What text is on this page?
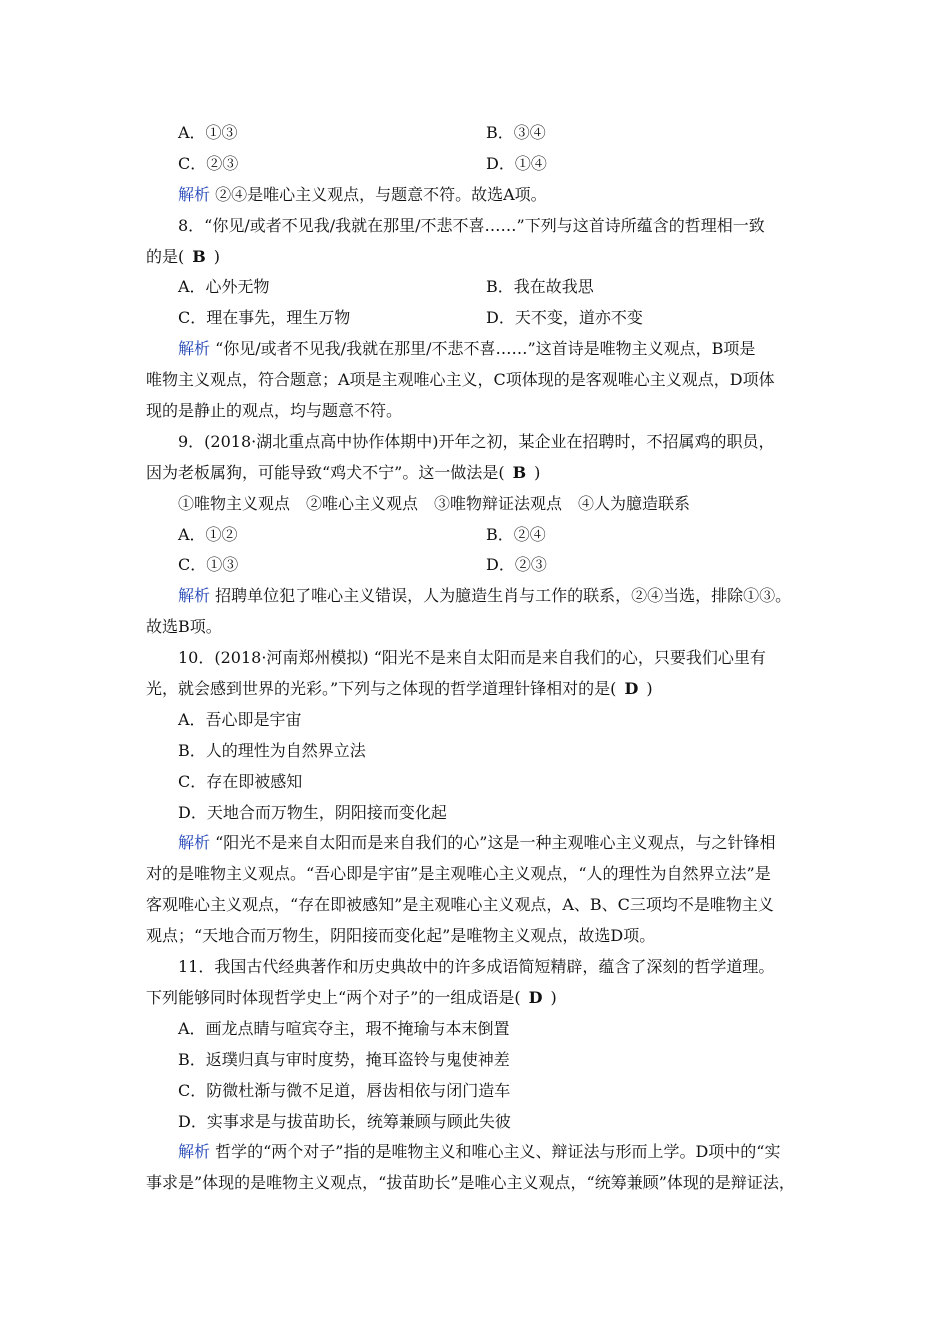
A．①③	B．③④
C．②③	D．①④
解析 ②④是唯心主义观点，与题意不符。故选A项。
8．“你见/或者不见我/我就在那里/不悲不喜……”下列与这首诗所蕴含的哲理相一致
的是( B )
A．心外无物	B．我在故我思
C．理在事先，理生万物	D．天不变，道亦不变
解析 “你见/或者不见我/我就在那里/不悲不喜……”这首诗是唯物主义观点，B项是
唯物主义观点，符合题意；A项是主观唯心主义，C项体现的是客观唯心主义观点，D项体
现的是静止的观点，均与题意不符。
9．(2018·湖北重点高中协作体期中)开年之初，某企业在招聘时，不招属鸡的职员，
因为老板属狗，可能导致“鸡犬不宁”。这一做法是( B )
①唯物主义观点　②唯心主义观点　③唯物辩证法观点　④人为臆造联系
A．①②	B．②④
C．①③	D．②③
解析 招聘单位犯了唯心主义错误，人为臆造生肖与工作的联系，②④当选，排除①③。
故选B项。
10．(2018·河南郑州模拟) “阳光不是来自太阳而是来自我们的心，只要我们心里有
光，就会感到世界的光彩。”下列与之体现的哲学道理针锋相对的是( D )
A．吾心即是宇宙
B．人的理性为自然界立法
C．存在即被感知
D．天地合而万物生，阴阳接而变化起
解析 “阳光不是来自太阳而是来自我们的心”这是一种主观唯心主义观点，与之针锋相
对的是唯物主义观点。“吾心即是宇宙”是主观唯心主义观点，“人的理性为自然界立法”是
客观唯心主义观点，“存在即被感知”是主观唯心主义观点，A、B、C三项均不是唯物主义
观点；“天地合而万物生，阴阳接而变化起”是唯物主义观点，故选D项。
11．我国古代经典著作和历史典故中的许多成语简短精辟，蕴含了深刻的哲学道理。
下列能够同时体现哲学史上“两个对子”的一组成语是( D )
A．画龙点睛与喧宾夺主，瑕不掩瑜与本末倒置
B．返璞归真与审时度势，掩耳盗铃与鬼使神差
C．防微杜渐与微不足道，唇齿相依与闭门造车
D．实事求是与拔苗助长，统筹兼顾与顾此失彼
解析 哲学的“两个对子”指的是唯物主义和唯心主义、辩证法与形而上学。D项中的“实
事求是”体现的是唯物主义观点，“拔苗助长”是唯心主义观点，“统筹兼顾”体现的是辩证法，
